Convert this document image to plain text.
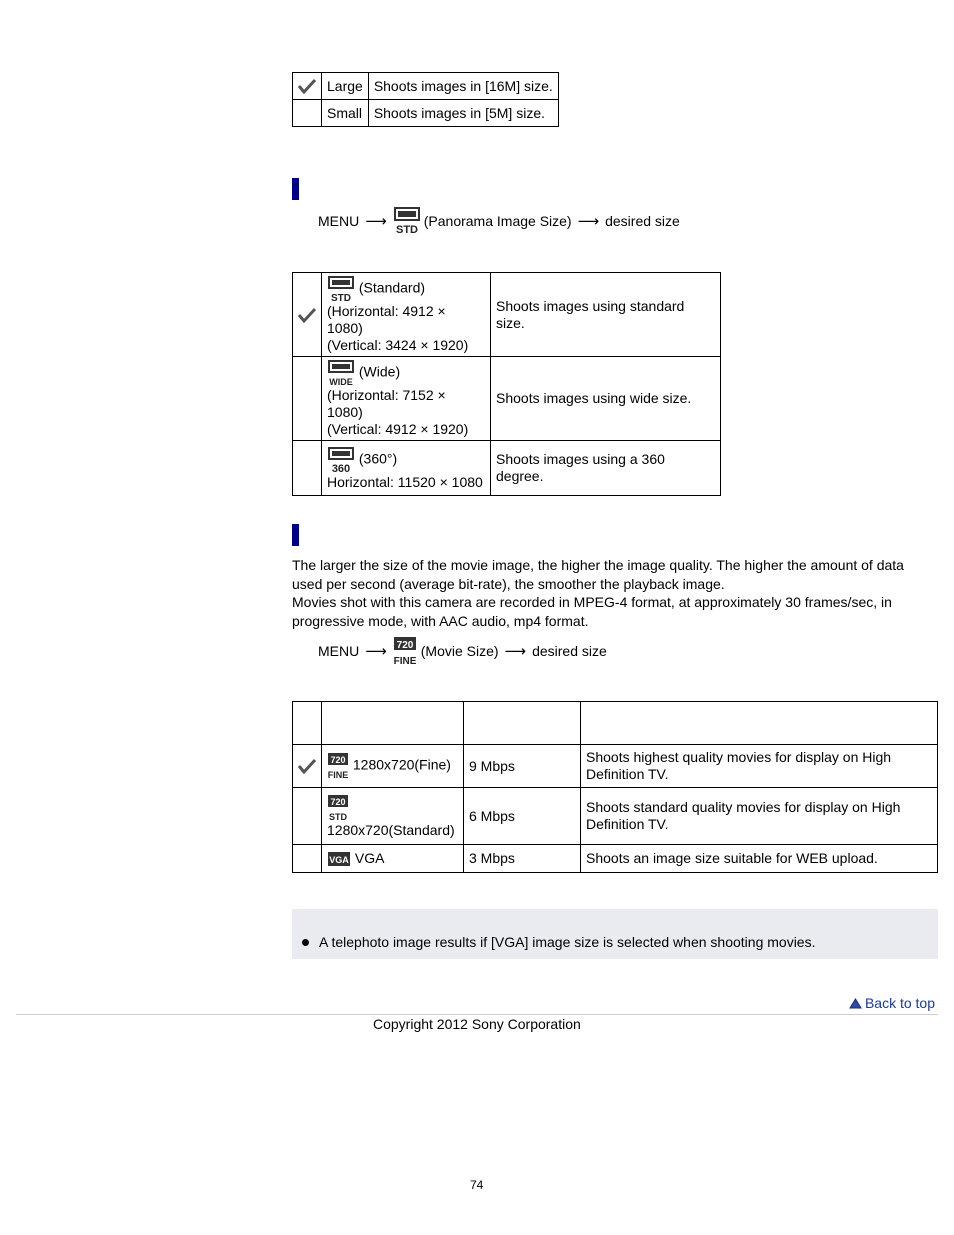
	Large	Shoots images in [16M] size.
	Small	Shoots images in [5M] size.
MENU ⟶ STD
(Panorama Image Size) ⟶ desired size

STD
(Standard)
(Horizontal: 4912 × 1080)
(Vertical: 3424 × 1920)	Shoots images using standard size.

WIDE
(Wide)
(Horizontal: 7152 × 1080)
(Vertical: 4912 × 1920)	Shoots images using wide size.

360
(360°)
Horizontal: 11520 × 1080	Shoots images using a 360 degree.
The larger the size of the movie image, the higher the image quality. The higher the amount of data used per second (average bit-rate), the smoother the playback image.
Movies shot with this camera are recorded in MPEG-4 format, at approximately 30 frames/sec, in progressive mode, with AAC audio, mp4 format.
MENU ⟶ 720
FINE
(Movie Size) ⟶ desired size

720
FINE
1280x720(Fine)	9 Mbps	Shoots highest quality movies for display on High Definition TV.

720
STD

1280x720(Standard)	6 Mbps	Shoots standard quality movies for display on High Definition TV.

VGA VGA	3 Mbps	Shoots an image size suitable for WEB upload.
A telephoto image results if [VGA] image size is selected when shooting movies.
Back to top
Copyright 2012 Sony Corporation
74
